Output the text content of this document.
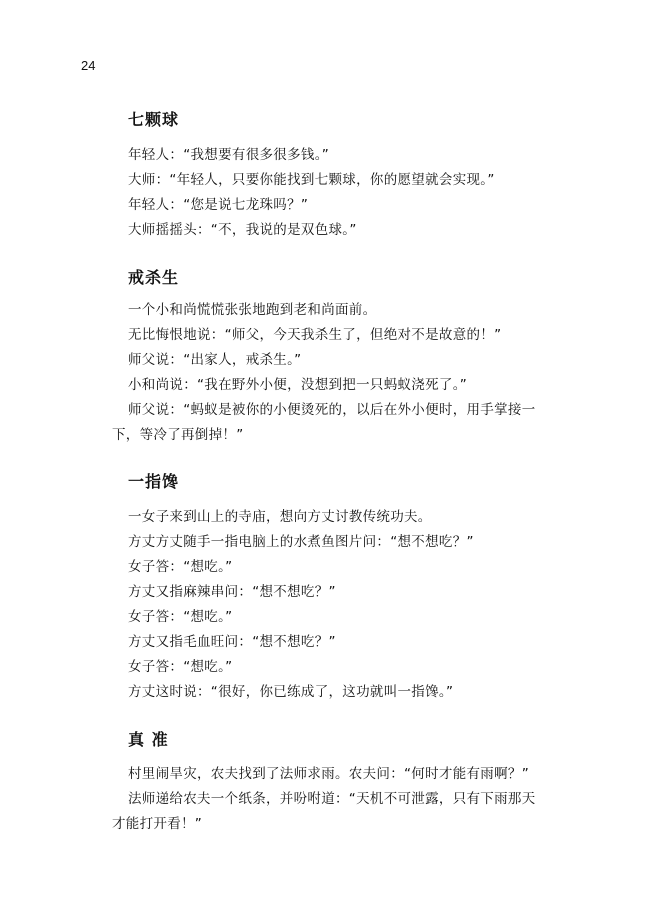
24
七颗球
年轻人：“我想要有很多很多钱。”
大师：“年轻人，只要你能找到七颗球，你的愿望就会实现。”
年轻人：“您是说七龙珠吗？”
大师摇摇头：“不，我说的是双色球。”
戒杀生
一个小和尚慌慌张张地跑到老和尚面前。
无比悔恨地说：“师父，今天我杀生了，但绝对不是故意的！”
师父说：“出家人，戒杀生。”
小和尚说：“我在野外小便，没想到把一只蚂蚁浇死了。”
师父说：“蚂蚁是被你的小便烫死的，以后在外小便时，用手掌接一
下，等冷了再倒掉！”
一指馋
一女子来到山上的寺庙，想向方丈讨教传统功夫。
方丈方丈随手一指电脑上的水煮鱼图片问：“想不想吃？”
女子答：“想吃。”
方丈又指麻辣串问：“想不想吃？”
女子答：“想吃。”
方丈又指毛血旺问：“想不想吃？”
女子答：“想吃。”
方丈这时说：“很好，你已练成了，这功就叫一指馋。”
真 准
村里闹旱灾，农夫找到了法师求雨。农夫问：“何时才能有雨啊？”
法师递给农夫一个纸条，并吩咐道：“天机不可泄露，只有下雨那天
才能打开看！”
